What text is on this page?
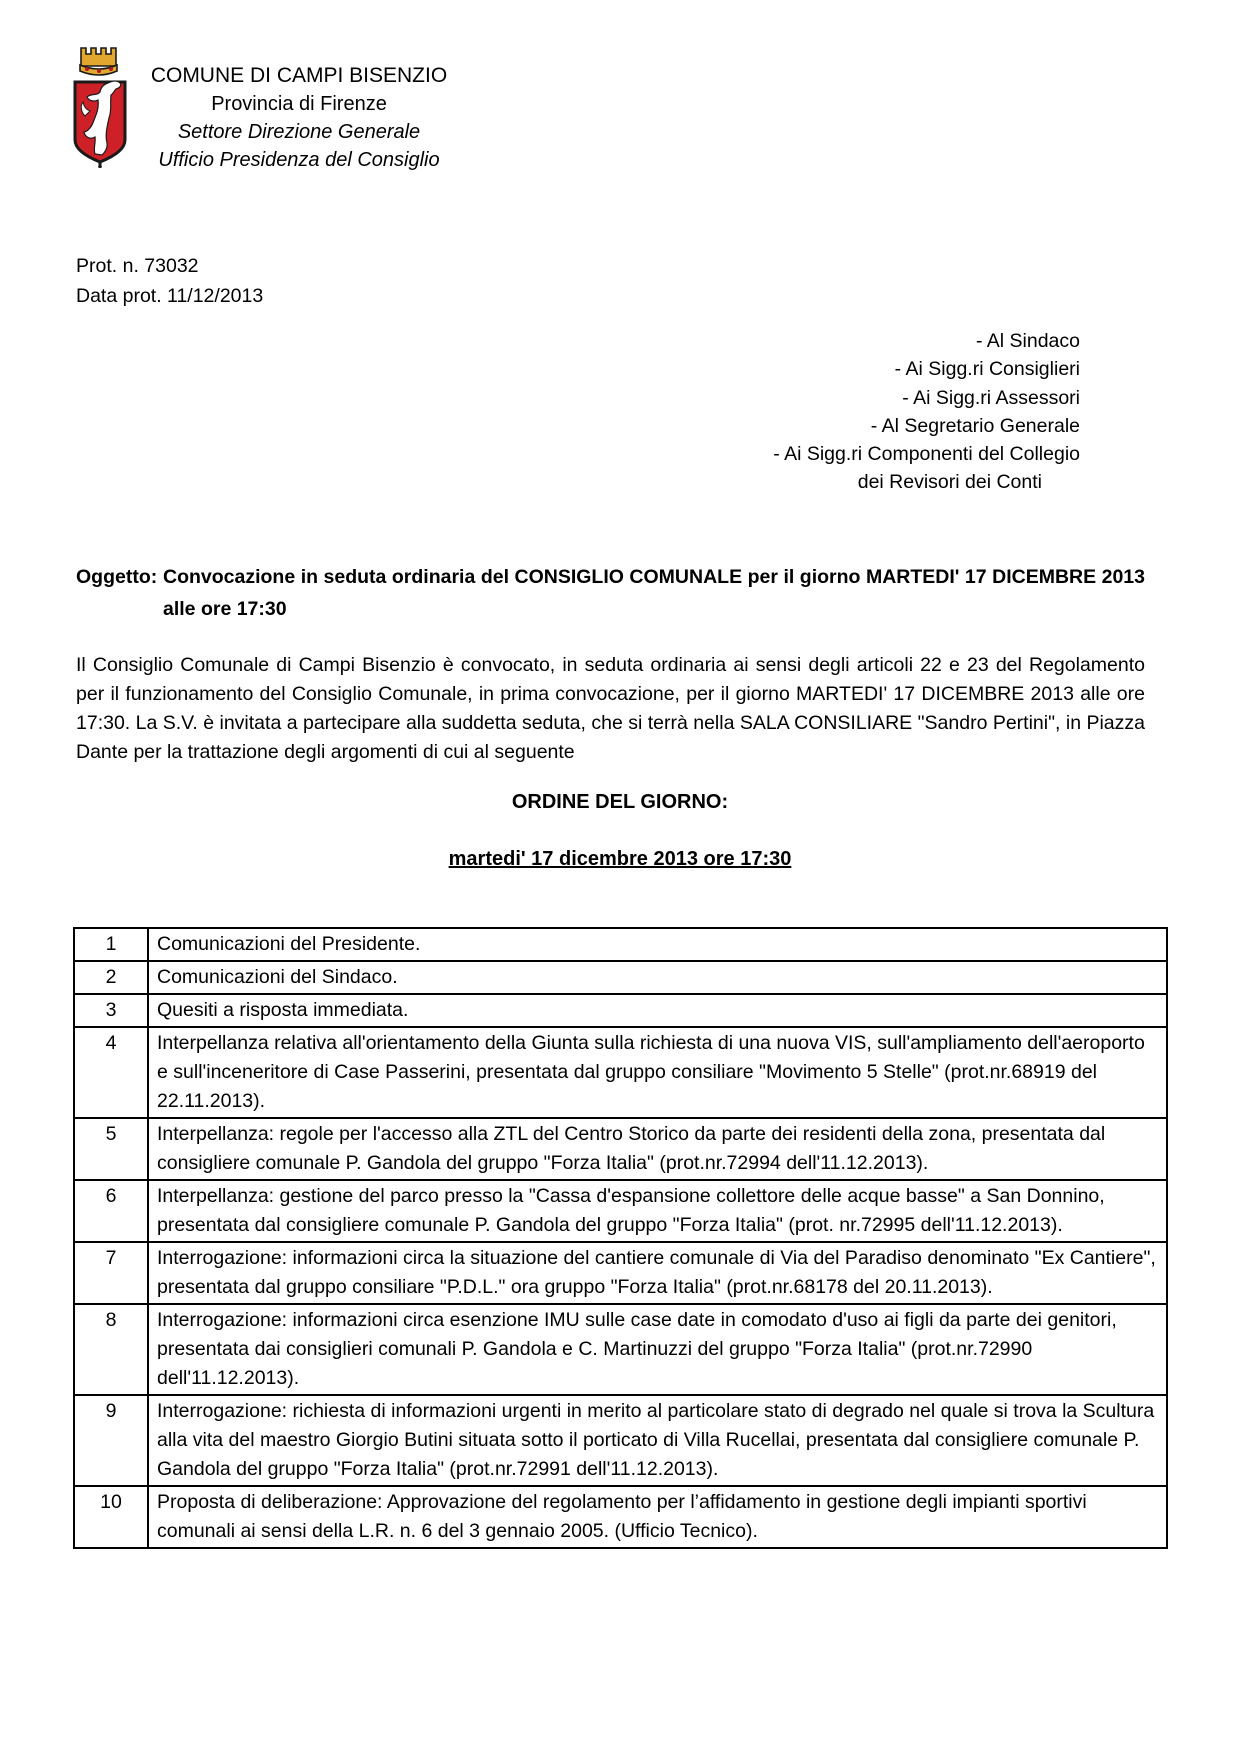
COMUNE DI CAMPI BISENZIO
Provincia di Firenze
Settore Direzione Generale
Ufficio Presidenza del Consiglio
Prot. n. 73032
Data prot. 11/12/2013
- Al Sindaco
- Ai Sigg.ri Consiglieri
- Ai Sigg.ri Assessori
- Al Segretario Generale
- Ai Sigg.ri Componenti del Collegio
dei Revisori dei Conti
Oggetto: Convocazione in seduta ordinaria del CONSIGLIO COMUNALE per il giorno MARTEDI' 17 DICEMBRE 2013 alle ore 17:30
Il Consiglio Comunale di Campi Bisenzio è convocato, in seduta ordinaria ai sensi degli articoli 22 e 23 del Regolamento per il funzionamento del Consiglio Comunale, in prima convocazione, per il giorno MARTEDI' 17 DICEMBRE 2013 alle ore 17:30. La S.V. è invitata a partecipare alla suddetta seduta, che si terrà nella SALA CONSILIARE "Sandro Pertini", in Piazza Dante per la trattazione degli argomenti di cui al seguente
ORDINE DEL GIORNO:
martedi' 17 dicembre 2013 ore 17:30
1	Comunicazioni del Presidente.
2	Comunicazioni del Sindaco.
3	Quesiti a risposta immediata.
4	Interpellanza relativa all'orientamento della Giunta sulla richiesta di una nuova VIS, sull'ampliamento dell'aeroporto e sull'inceneritore di Case Passerini, presentata dal gruppo consiliare "Movimento 5 Stelle" (prot.nr.68919 del 22.11.2013).
5	Interpellanza: regole per l'accesso alla ZTL del Centro Storico da parte dei residenti della zona, presentata dal consigliere comunale P. Gandola del gruppo "Forza Italia" (prot.nr.72994 dell'11.12.2013).
6	Interpellanza: gestione del parco presso la "Cassa d'espansione collettore delle acque basse" a San Donnino, presentata dal consigliere comunale P. Gandola del gruppo "Forza Italia" (prot. nr.72995 dell'11.12.2013).
7	Interrogazione: informazioni circa la situazione del cantiere comunale di Via del Paradiso denominato "Ex Cantiere", presentata dal gruppo consiliare "P.D.L." ora gruppo "Forza Italia" (prot.nr.68178 del 20.11.2013).
8	Interrogazione: informazioni circa esenzione IMU sulle case date in comodato d'uso ai figli da parte dei genitori, presentata dai consiglieri comunali P. Gandola e C. Martinuzzi del gruppo "Forza Italia" (prot.nr.72990 dell'11.12.2013).
9	Interrogazione: richiesta di informazioni urgenti in merito al particolare stato di degrado nel quale si trova la Scultura alla vita del maestro Giorgio Butini situata sotto il porticato di Villa Rucellai, presentata dal consigliere comunale P. Gandola del gruppo "Forza Italia" (prot.nr.72991 dell'11.12.2013).
10	Proposta di deliberazione: Approvazione del regolamento per l’affidamento in gestione degli impianti sportivi comunali ai sensi della L.R. n. 6 del 3 gennaio 2005. (Ufficio Tecnico).
